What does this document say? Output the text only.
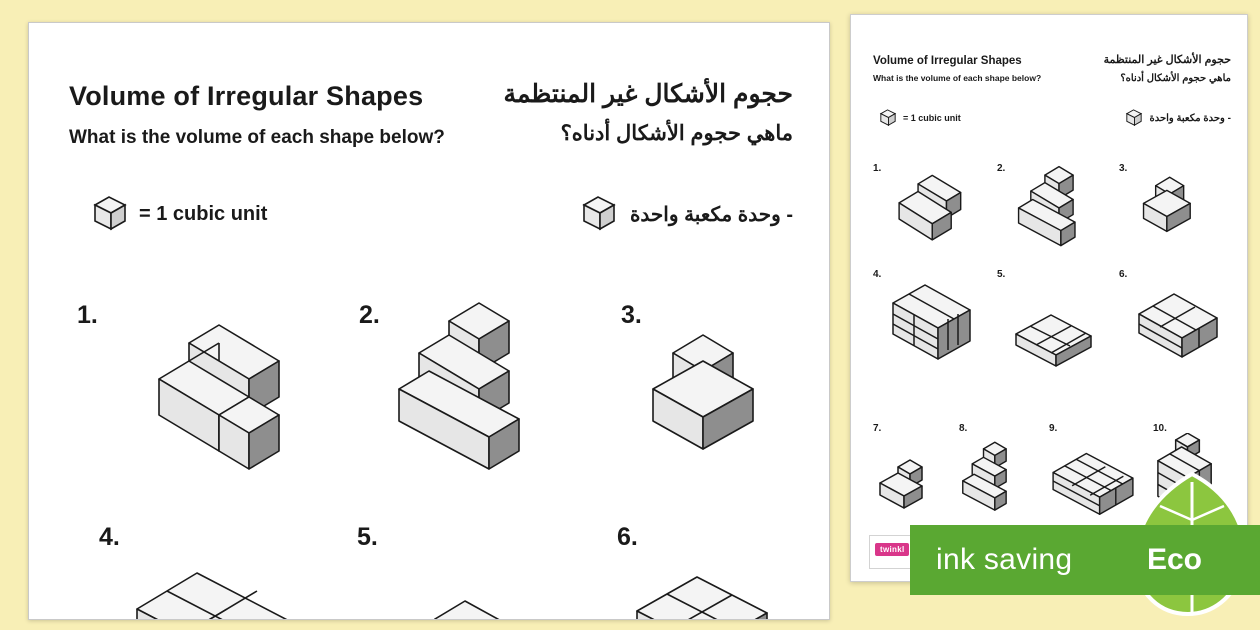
Volume of Irregular Shapes
What is the volume of each shape below?
حجوم الأشكال غير المنتظمة
ماهي حجوم الأشكال أدناه؟
= 1 cubic unit	- وحدة مكعبة واحدة
1.	2.	3.
4.	5.	6.
Volume of Irregular Shapes
What is the volume of each shape below?
حجوم الأشكال غير المنتظمة
ماهي حجوم الأشكال أدناه؟
= 1 cubic unit	- وحدة مكعبة واحدة
1.	2.	3.
4.	5.	6.
7.	8.	9.	10.
twinkl ink saving Eco
